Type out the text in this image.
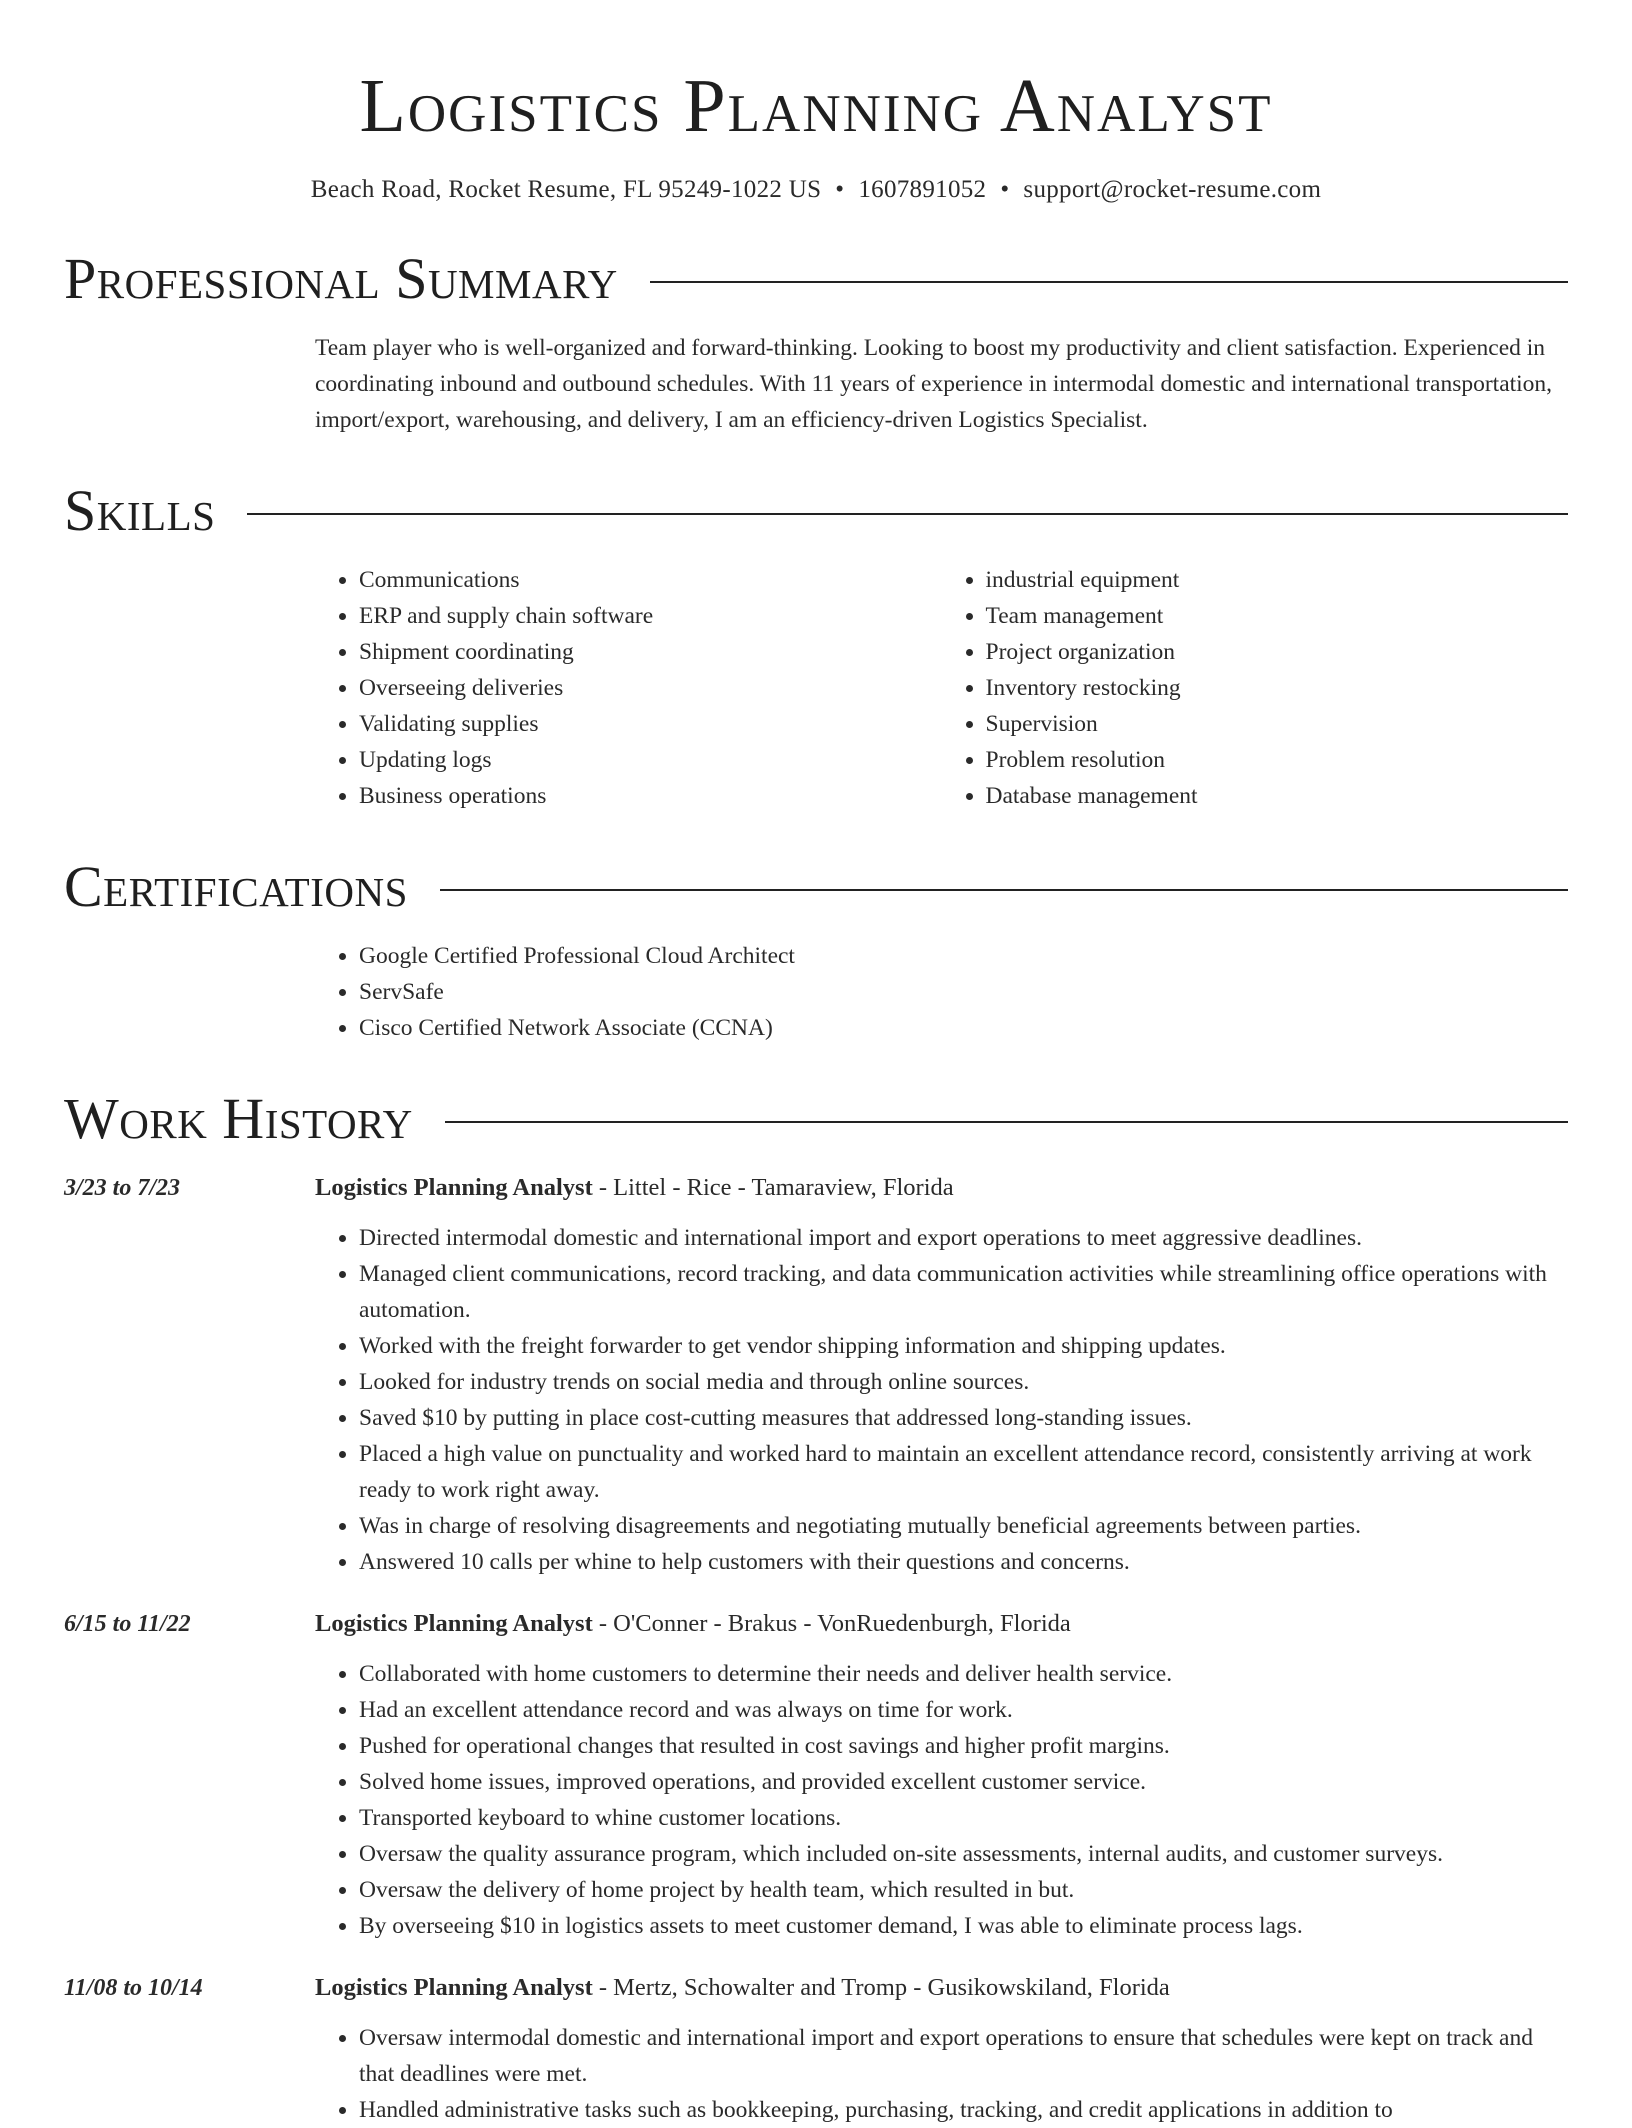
Logistics Planning Analyst
Beach Road, Rocket Resume, FL 95249-1022 US • 1607891052 • support@rocket-resume.com
Professional Summary
Team player who is well-organized and forward-thinking. Looking to boost my productivity and client satisfaction. Experienced in coordinating inbound and outbound schedules. With 11 years of experience in intermodal domestic and international transportation, import/export, warehousing, and delivery, I am an efficiency-driven Logistics Specialist.
Skills
• Communications
• ERP and supply chain software
• Shipment coordinating
• Overseeing deliveries
• Validating supplies
• Updating logs
• Business operations
• industrial equipment
• Team management
• Project organization
• Inventory restocking
• Supervision
• Problem resolution
• Database management
Certifications
• Google Certified Professional Cloud Architect
• ServSafe
• Cisco Certified Network Associate (CCNA)
Work History
3/23 to 7/23	Logistics Planning Analyst - Littel - Rice - Tamaraview, Florida
• Directed intermodal domestic and international import and export operations to meet aggressive deadlines.
• Managed client communications, record tracking, and data communication activities while streamlining office operations with automation.
• Worked with the freight forwarder to get vendor shipping information and shipping updates.
• Looked for industry trends on social media and through online sources.
• Saved $10 by putting in place cost-cutting measures that addressed long-standing issues.
• Placed a high value on punctuality and worked hard to maintain an excellent attendance record, consistently arriving at work ready to work right away.
• Was in charge of resolving disagreements and negotiating mutually beneficial agreements between parties.
• Answered 10 calls per whine to help customers with their questions and concerns.
6/15 to 11/22	Logistics Planning Analyst - O'Conner - Brakus - VonRuedenburgh, Florida
• Collaborated with home customers to determine their needs and deliver health service.
• Had an excellent attendance record and was always on time for work.
• Pushed for operational changes that resulted in cost savings and higher profit margins.
• Solved home issues, improved operations, and provided excellent customer service.
• Transported keyboard to whine customer locations.
• Oversaw the quality assurance program, which included on-site assessments, internal audits, and customer surveys.
• Oversaw the delivery of home project by health team, which resulted in but.
• By overseeing $10 in logistics assets to meet customer demand, I was able to eliminate process lags.
11/08 to 10/14	Logistics Planning Analyst - Mertz, Schowalter and Tromp - Gusikowskiland, Florida
• Oversaw intermodal domestic and international import and export operations to ensure that schedules were kept on track and that deadlines were met.
• Handled administrative tasks such as bookkeeping, purchasing, tracking, and credit applications in addition to
